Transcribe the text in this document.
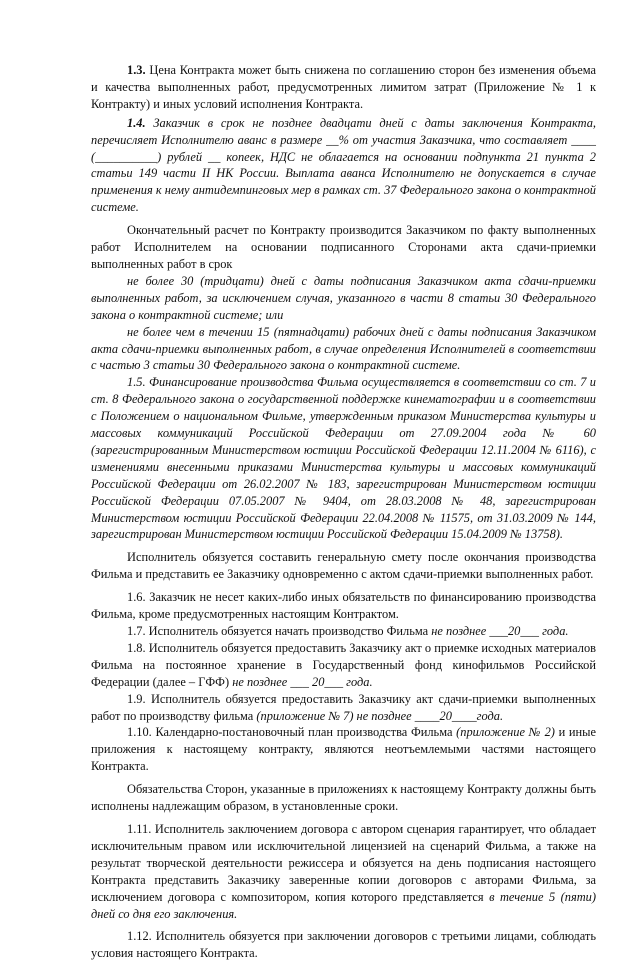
1.3. Цена Контракта может быть снижена по соглашению сторон без изменения объема и качества выполненных работ, предусмотренных лимитом затрат (Приложение № 1 к Контракту) и иных условий исполнения Контракта.

1.4. Заказчик в срок не позднее двадцати дней с даты заключения Контракта, перечисляет Исполнителю аванс в размере __% от участия Заказчика, что составляет ____ (__________) рублей __ копеек, НДС не облагается на основании подпункта 21 пункта 2 статьи 149 части II НК России. Выплата аванса Исполнителю не допускается в случае применения к нему антидемпинговых мер в рамках ст. 37 Федерального закона о контрактной системе.

Окончательный расчет по Контракту производится Заказчиком по факту выполненных работ Исполнителем на основании подписанного Сторонами акта сдачи-приемки выполненных работ в срок

не более 30 (тридцати) дней с даты подписания Заказчиком акта сдачи-приемки выполненных работ, за исключением случая, указанного в части 8 статьи 30 Федерального закона о контрактной системе; или

не более чем в течении 15 (пятнадцати) рабочих дней с даты подписания Заказчиком акта сдачи-приемки выполненных работ, в случае определения Исполнителей в соответствии с частью 3 статьи 30 Федерального закона о контрактной системе.

1.5. Финансирование производства Фильма осуществляется в соответствии со ст. 7 и ст. 8 Федерального закона о государственной поддержке кинематографии и в соответствии с Положением о национальном Фильме, утвержденным приказом Министерства культуры и массовых коммуникаций Российской Федерации от 27.09.2004 года № 60 (зарегистрированным Министерством юстиции Российской Федерации 12.11.2004 № 6116), с изменениями внесенными приказами Министерства культуры и массовых коммуникаций Российской Федерации от 26.02.2007 № 183, зарегистрирован Министерством юстиции Российской Федерации 07.05.2007 № 9404, от 28.03.2008 № 48, зарегистрирован Министерством юстиции Российской Федерации 22.04.2008 № 11575, от 31.03.2009 № 144, зарегистрирован Министерством юстиции Российской Федерации 15.04.2009 № 13758).

Исполнитель обязуется составить генеральную смету после окончания производства Фильма и представить ее Заказчику одновременно с актом сдачи-приемки выполненных работ.

1.6. Заказчик не несет каких-либо иных обязательств по финансированию производства Фильма, кроме предусмотренных настоящим Контрактом.

1.7. Исполнитель обязуется начать производство Фильма не позднее ___20___ года.

1.8. Исполнитель обязуется предоставить Заказчику акт о приемке исходных материалов Фильма на постоянное хранение в Государственный фонд кинофильмов Российской Федерации (далее – ГФФ) не позднее ___ 20___ года.

1.9. Исполнитель обязуется предоставить Заказчику акт сдачи-приемки выполненных работ по производству фильма (приложение № 7) не позднее ____20____года.

1.10. Календарно-постановочный план производства Фильма (приложение № 2) и иные приложения к настоящему контракту, являются неотъемлемыми частями настоящего Контракта.

Обязательства Сторон, указанные в приложениях к настоящему Контракту должны быть исполнены надлежащим образом, в установленные сроки.

1.11. Исполнитель заключением договора с автором сценария гарантирует, что обладает исключительным правом или исключительной лицензией на сценарий Фильма, а также на результат творческой деятельности режиссера и обязуется на день подписания настоящего Контракта представить Заказчику заверенные копии договоров с авторами Фильма, за исключением договора с композитором, копия которого представляется в течение 5 (пяти) дней со дня его заключения.

1.12. Исполнитель обязуется при заключении договоров с третьими лицами, соблюдать условия настоящего Контракта.
